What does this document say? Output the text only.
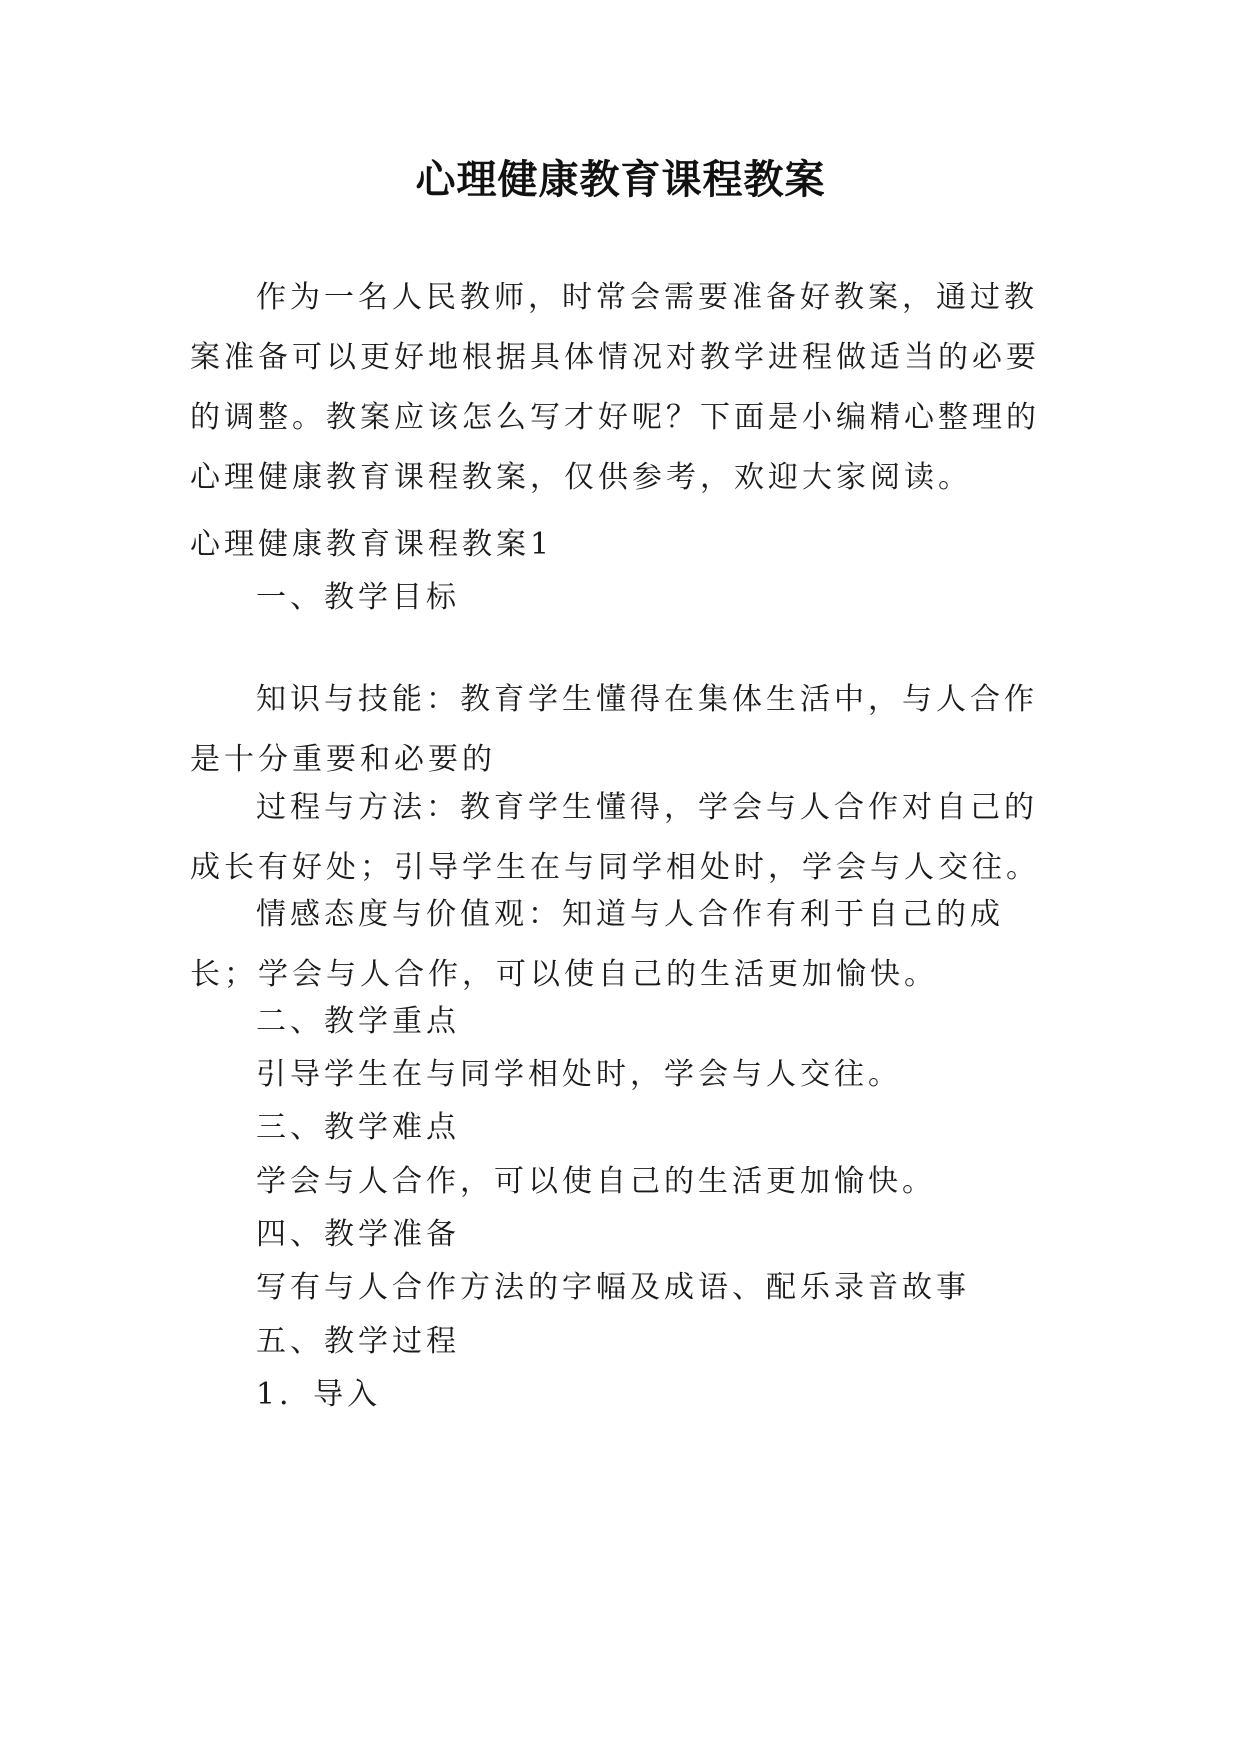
心理健康教育课程教案
作为一名人民教师，时常会需要准备好教案，通过教案准备可以更好地根据具体情况对教学进程做适当的必要的调整。教案应该怎么写才好呢？下面是小编精心整理的心理健康教育课程教案，仅供参考，欢迎大家阅读。
心理健康教育课程教案1
一、教学目标
知识与技能：教育学生懂得在集体生活中，与人合作是十分重要和必要的
过程与方法：教育学生懂得，学会与人合作对自己的成长有好处；引导学生在与同学相处时，学会与人交往。
情感态度与价值观：知道与人合作有利于自己的成长；学会与人合作，可以使自己的生活更加愉快。
二、教学重点
引导学生在与同学相处时，学会与人交往。
三、教学难点
学会与人合作，可以使自己的生活更加愉快。
四、教学准备
写有与人合作方法的字幅及成语、配乐录音故事
五、教学过程
1．导入
